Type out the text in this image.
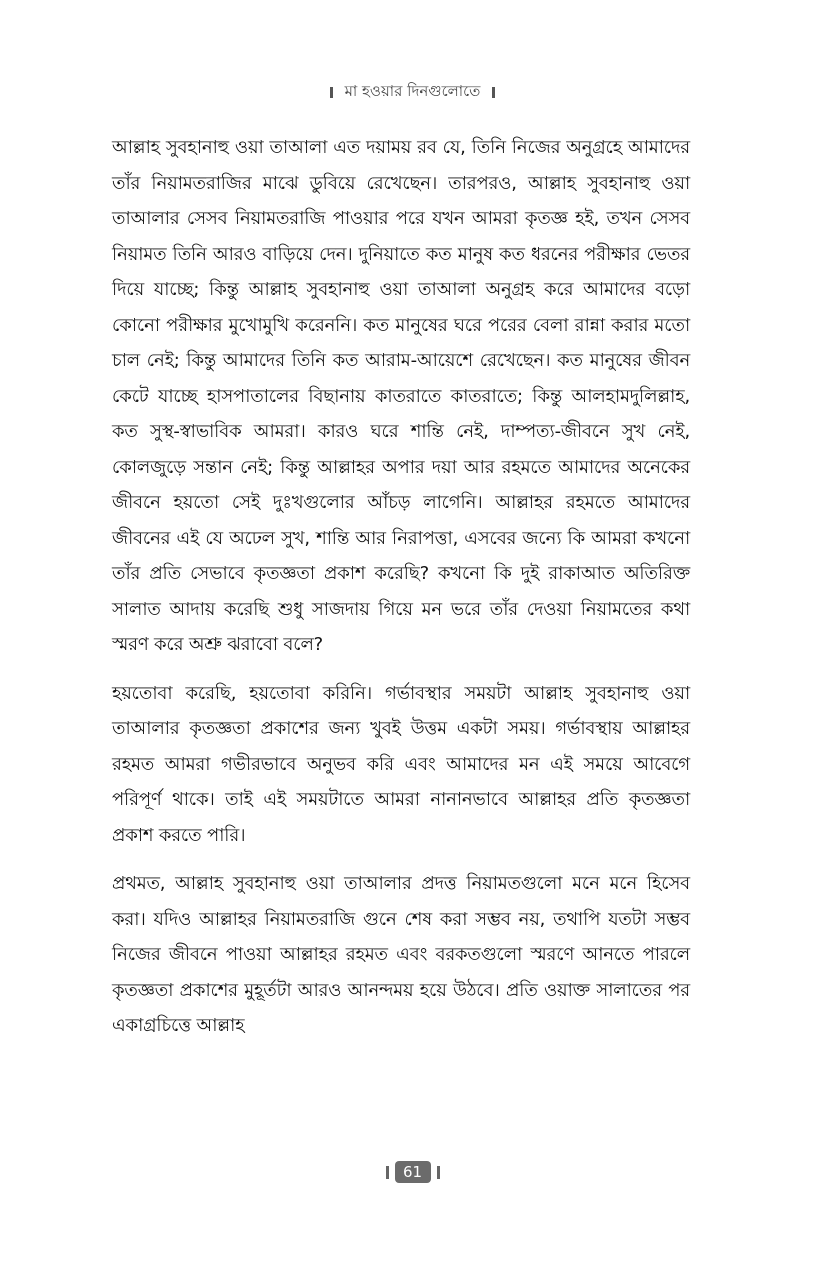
মা হওয়ার দিনগুলোতে

আল্লাহ সুবহানাহু ওয়া তাআলা এত দয়াময় রব যে, তিনি নিজের অনুগ্রহে আমাদের তাঁর নিয়ামতরাজির মাঝে ডুবিয়ে রেখেছেন। তারপরও, আল্লাহ সুবহানাহু ওয়া তাআলার সেসব নিয়ামতরাজি পাওয়ার পরে যখন আমরা কৃতজ্ঞ হই, তখন সেসব নিয়ামত তিনি আরও বাড়িয়ে দেন। দুনিয়াতে কত মানুষ কত ধরনের পরীক্ষার ভেতর দিয়ে যাচ্ছে; কিন্তু আল্লাহ সুবহানাহু ওয়া তাআলা অনুগ্রহ করে আমাদের বড়ো কোনো পরীক্ষার মুখোমুখি করেননি। কত মানুষের ঘরে পরের বেলা রান্না করার মতো চাল নেই; কিন্তু আমাদের তিনি কত আরাম-আয়েশে রেখেছেন। কত মানুষের জীবন কেটে যাচ্ছে হাসপাতালের বিছানায় কাতরাতে কাতরাতে; কিন্তু আলহামদুলিল্লাহ, কত সুস্থ-স্বাভাবিক আমরা। কারও ঘরে শান্তি নেই, দাম্পত্য-জীবনে সুখ নেই, কোলজুড়ে সন্তান নেই; কিন্তু আল্লাহর অপার দয়া আর রহমতে আমাদের অনেকের জীবনে হয়তো সেই দুঃখগুলোর আঁচড় লাগেনি। আল্লাহর রহমতে আমাদের জীবনের এই যে অঢেল সুখ, শান্তি আর নিরাপত্তা, এসবের জন্যে কি আমরা কখনো তাঁর প্রতি সেভাবে কৃতজ্ঞতা প্রকাশ করেছি? কখনো কি দুই রাকাআত অতিরিক্ত সালাত আদায় করেছি শুধু সাজদায় গিয়ে মন ভরে তাঁর দেওয়া নিয়ামতের কথা স্মরণ করে অশ্রু ঝরাবো বলে?

হয়তোবা করেছি, হয়তোবা করিনি। গর্ভাবস্থার সময়টা আল্লাহ সুবহানাহু ওয়া তাআলার কৃতজ্ঞতা প্রকাশের জন্য খুবই উত্তম একটা সময়। গর্ভাবস্থায় আল্লাহর রহমত আমরা গভীরভাবে অনুভব করি এবং আমাদের মন এই সময়ে আবেগে পরিপূর্ণ থাকে। তাই এই সময়টাতে আমরা নানানভাবে আল্লাহর প্রতি কৃতজ্ঞতা প্রকাশ করতে পারি।

প্রথমত, আল্লাহ সুবহানাহু ওয়া তাআলার প্রদত্ত নিয়ামতগুলো মনে মনে হিসেব করা। যদিও আল্লাহর নিয়ামতরাজি গুনে শেষ করা সম্ভব নয়, তথাপি যতটা সম্ভব নিজের জীবনে পাওয়া আল্লাহর রহমত এবং বরকতগুলো স্মরণে আনতে পারলে কৃতজ্ঞতা প্রকাশের মুহূর্তটা আরও আনন্দময় হয়ে উঠবে। প্রতি ওয়াক্ত সালাতের পর একাগ্রচিত্তে আল্লাহ

61
